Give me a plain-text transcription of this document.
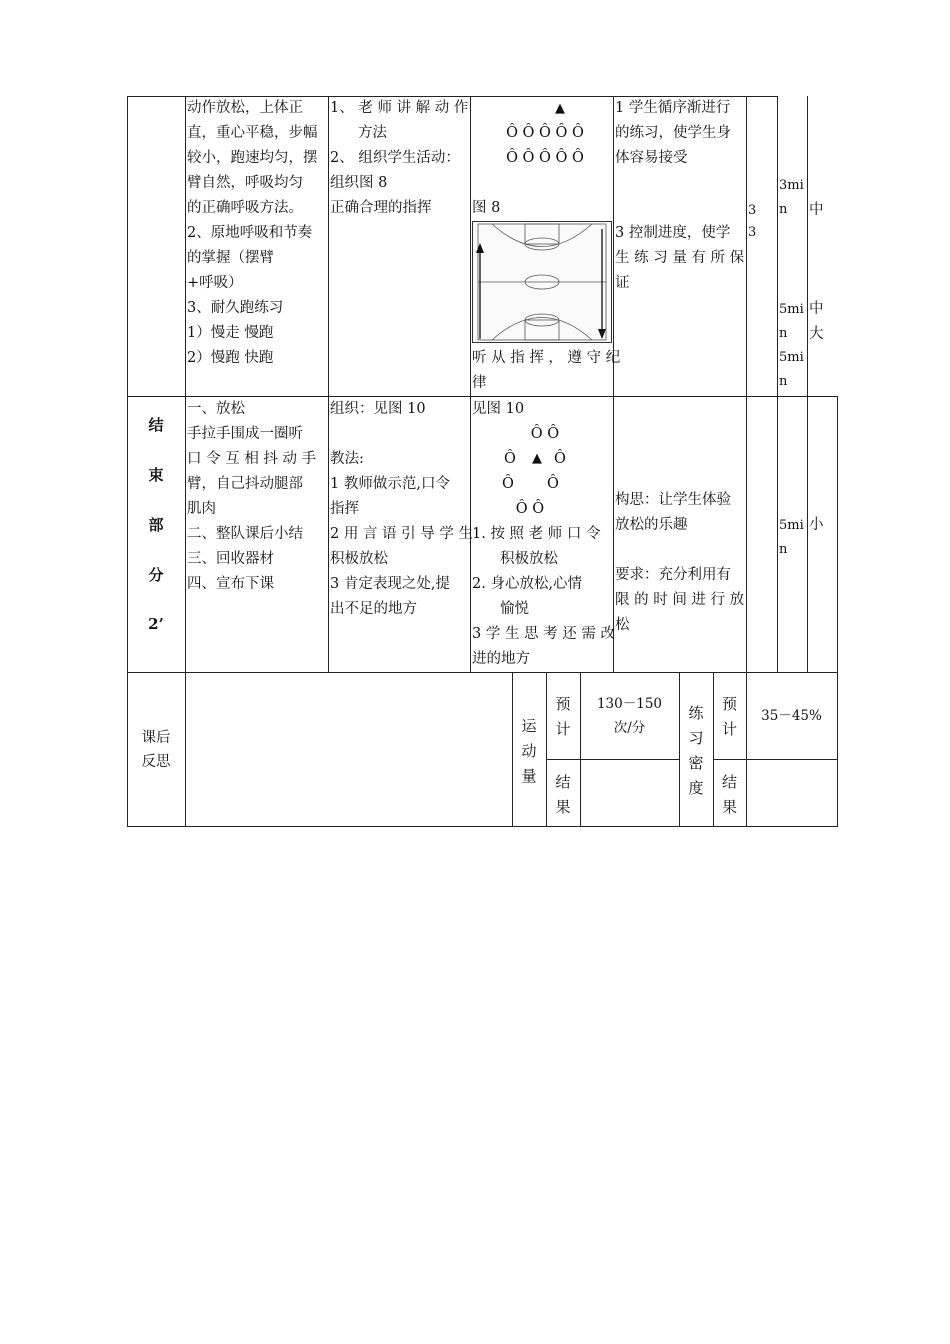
动作放松，上体正
直，重心平稳，步幅
较小，跑速均匀，摆
臂自然，呼吸均匀
的正确呼吸方法。
2、原地呼吸和节奏
的掌握（摆臂
+呼吸）
3、耐久跑练习
1）慢走 慢跑
2）慢跑 快跑
1、 老 师 讲 解 动 作
方法
2、 组织学生活动：
组织图 8
正确合理的指挥
▲
Ô Ô Ô Ô Ô
Ô Ô Ô Ô Ô
图 8
听 从 指 挥 ， 遵 守 纪
律
1 学生循序渐进行
的练习，使学生身
体容易接受
3 控制进度，使学
生 练 习 量 有 所 保
证
3
3
3mi
n
5mi
n
5mi
n
中
中
大
结
束
部
分
2’
一、放松
手拉手围成一圈听
口 令 互 相 抖 动 手
臂，自己抖动腿部
肌肉
二、整队课后小结
三、回收器材
四、宣布下课
组织：见图 10
教法:
1 教师做示范,口令
指挥
2 用 言 语 引 导 学 生
积极放松
3 肯定表现之处,提
出不足的地方
见图 10
Ô Ô
Ô	▲ Ô
Ô Ô
Ô Ô
1. 按 照 老 师 口 令
积极放松
2. 身心放松,心情
愉悦
3 学 生 思 考 还 需 改
进的地方
构思：让学生体验
放松的乐趣
要求：充分利用有
限 的 时 间 进 行 放
松
5mi
n
小
课后
反思
运
动
量
预
计
结
果
130－150
次/分
练
习
密
度
预
计
结
果
35－45%
